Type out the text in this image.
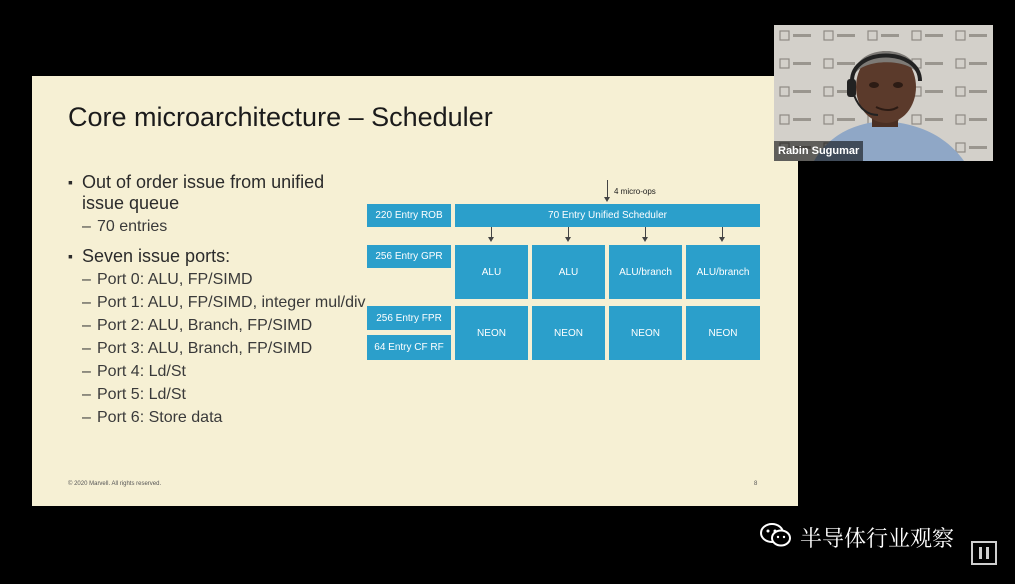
Core microarchitecture – Scheduler
▪ Out of order issue from unified issue queue
– 70 entries
▪ Seven issue ports:
– Port 0: ALU, FP/SIMD
– Port 1: ALU, FP/SIMD, integer mul/div
– Port 2: ALU, Branch, FP/SIMD
– Port 3: ALU, Branch, FP/SIMD
– Port 4: Ld/St
– Port 5: Ld/St
– Port 6: Store data
4 micro-ops
220 Entry ROB	70 Entry Unified Scheduler
256 Entry GPR
ALU	ALU	ALU/branch	ALU/branch
256 Entry FPR
64 Entry CF RF
NEON	NEON	NEON	NEON
© 2020 Marvell. All rights reserved.	8
Rabin Sugumar
半导体行业观察
